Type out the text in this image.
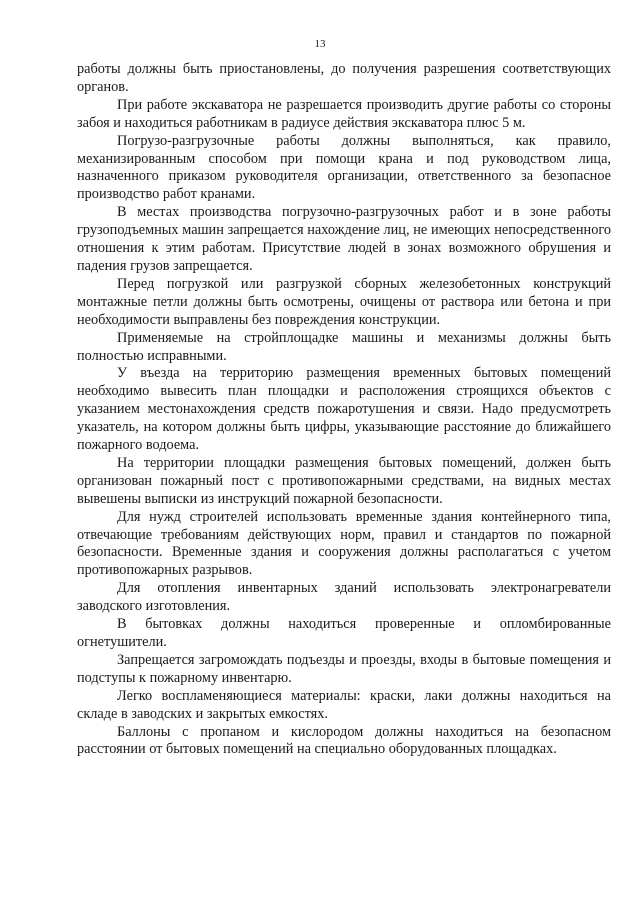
13

работы должны быть приостановлены, до получения разрешения соответствующих органов.

При работе экскаватора не разрешается производить другие работы со стороны забоя и находиться работникам в радиусе действия экскаватора плюс 5 м.

Погрузо-разгрузочные работы должны выполняться, как правило, механизированным способом при помощи крана и под руководством лица, назначенного приказом руководителя организации, ответственного за безопасное производство работ кранами.

В местах производства погрузочно-разгрузочных работ и в зоне работы грузоподъемных машин запрещается нахождение лиц, не имеющих непосредственного отношения к этим работам. Присутствие людей в зонах возможного обрушения и падения грузов запрещается.

Перед погрузкой или разгрузкой сборных железобетонных конструкций монтажные петли должны быть осмотрены, очищены от раствора или бетона и при необходимости выправлены без повреждения конструкции.

Применяемые на стройплощадке машины и механизмы должны быть полностью исправными.

У въезда на территорию размещения временных бытовых помещений необходимо вывесить план площадки и расположения строящихся объектов с указанием местонахождения средств пожаротушения и связи. Надо предусмотреть указатель, на котором должны быть цифры, указывающие расстояние до ближайшего пожарного водоема.

На территории площадки размещения бытовых помещений, должен быть организован пожарный пост с противопожарными средствами, на видных местах вывешены выписки из инструкций пожарной безопасности.

Для нужд строителей использовать временные здания контейнерного типа, отвечающие требованиям действующих норм, правил и стандартов по пожарной безопасности. Временные здания и сооружения должны располагаться с учетом противопожарных разрывов.

Для отопления инвентарных зданий использовать электронагреватели заводского изготовления.

В бытовках должны находиться проверенные и опломбированные огнетушители.

Запрещается загромождать подъезды и проезды, входы в бытовые помещения и подступы к пожарному инвентарю.

Легко воспламеняющиеся материалы: краски, лаки должны находиться на складе в заводских и закрытых емкостях.

Баллоны с пропаном и кислородом должны находиться на безопасном расстоянии от бытовых помещений на специально оборудованных площадках.
